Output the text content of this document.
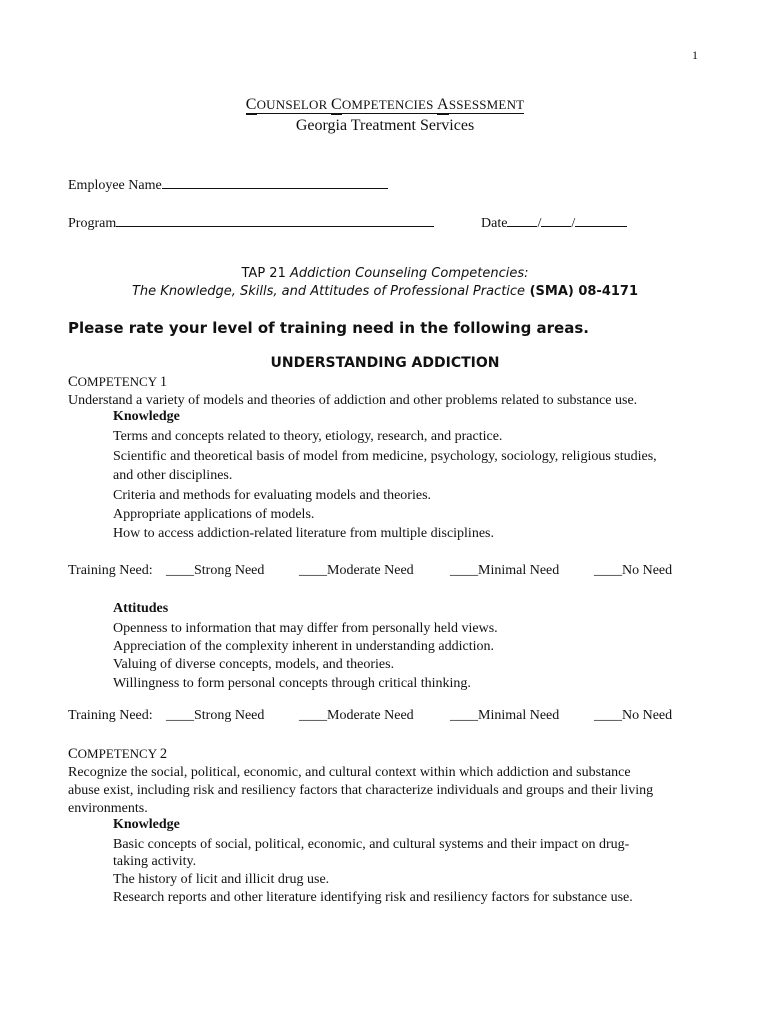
1
COUNSELOR COMPETENCIES ASSESSMENT
Georgia Treatment Services
Employee Name
Program	Date / /
TAP 21 Addiction Counseling Competencies:
The Knowledge, Skills, and Attitudes of Professional Practice (SMA) 08-4171
Please rate your level of training need in the following areas.
UNDERSTANDING ADDICTION
COMPETENCY 1
Understand a variety of models and theories of addiction and other problems related to substance use.
Knowledge
Terms and concepts related to theory, etiology, research, and practice.
Scientific and theoretical basis of model from medicine, psychology, sociology, religious studies,
and other disciplines.
Criteria and methods for evaluating models and theories.
Appropriate applications of models.
How to access addiction-related literature from multiple disciplines.
Training Need: ____Strong Need ____Moderate Need	____Minimal Need ____No Need
Attitudes
Openness to information that may differ from personally held views.
Appreciation of the complexity inherent in understanding addiction.
Valuing of diverse concepts, models, and theories.
Willingness to form personal concepts through critical thinking.
Training Need: ____Strong Need ____Moderate Need	____Minimal Need ____No Need
COMPETENCY 2
Recognize the social, political, economic, and cultural context within which addiction and substance
abuse exist, including risk and resiliency factors that characterize individuals and groups and their living
environments.
Knowledge
Basic concepts of social, political, economic, and cultural systems and their impact on drug-
taking activity.
The history of licit and illicit drug use.
Research reports and other literature identifying risk and resiliency factors for substance use.
